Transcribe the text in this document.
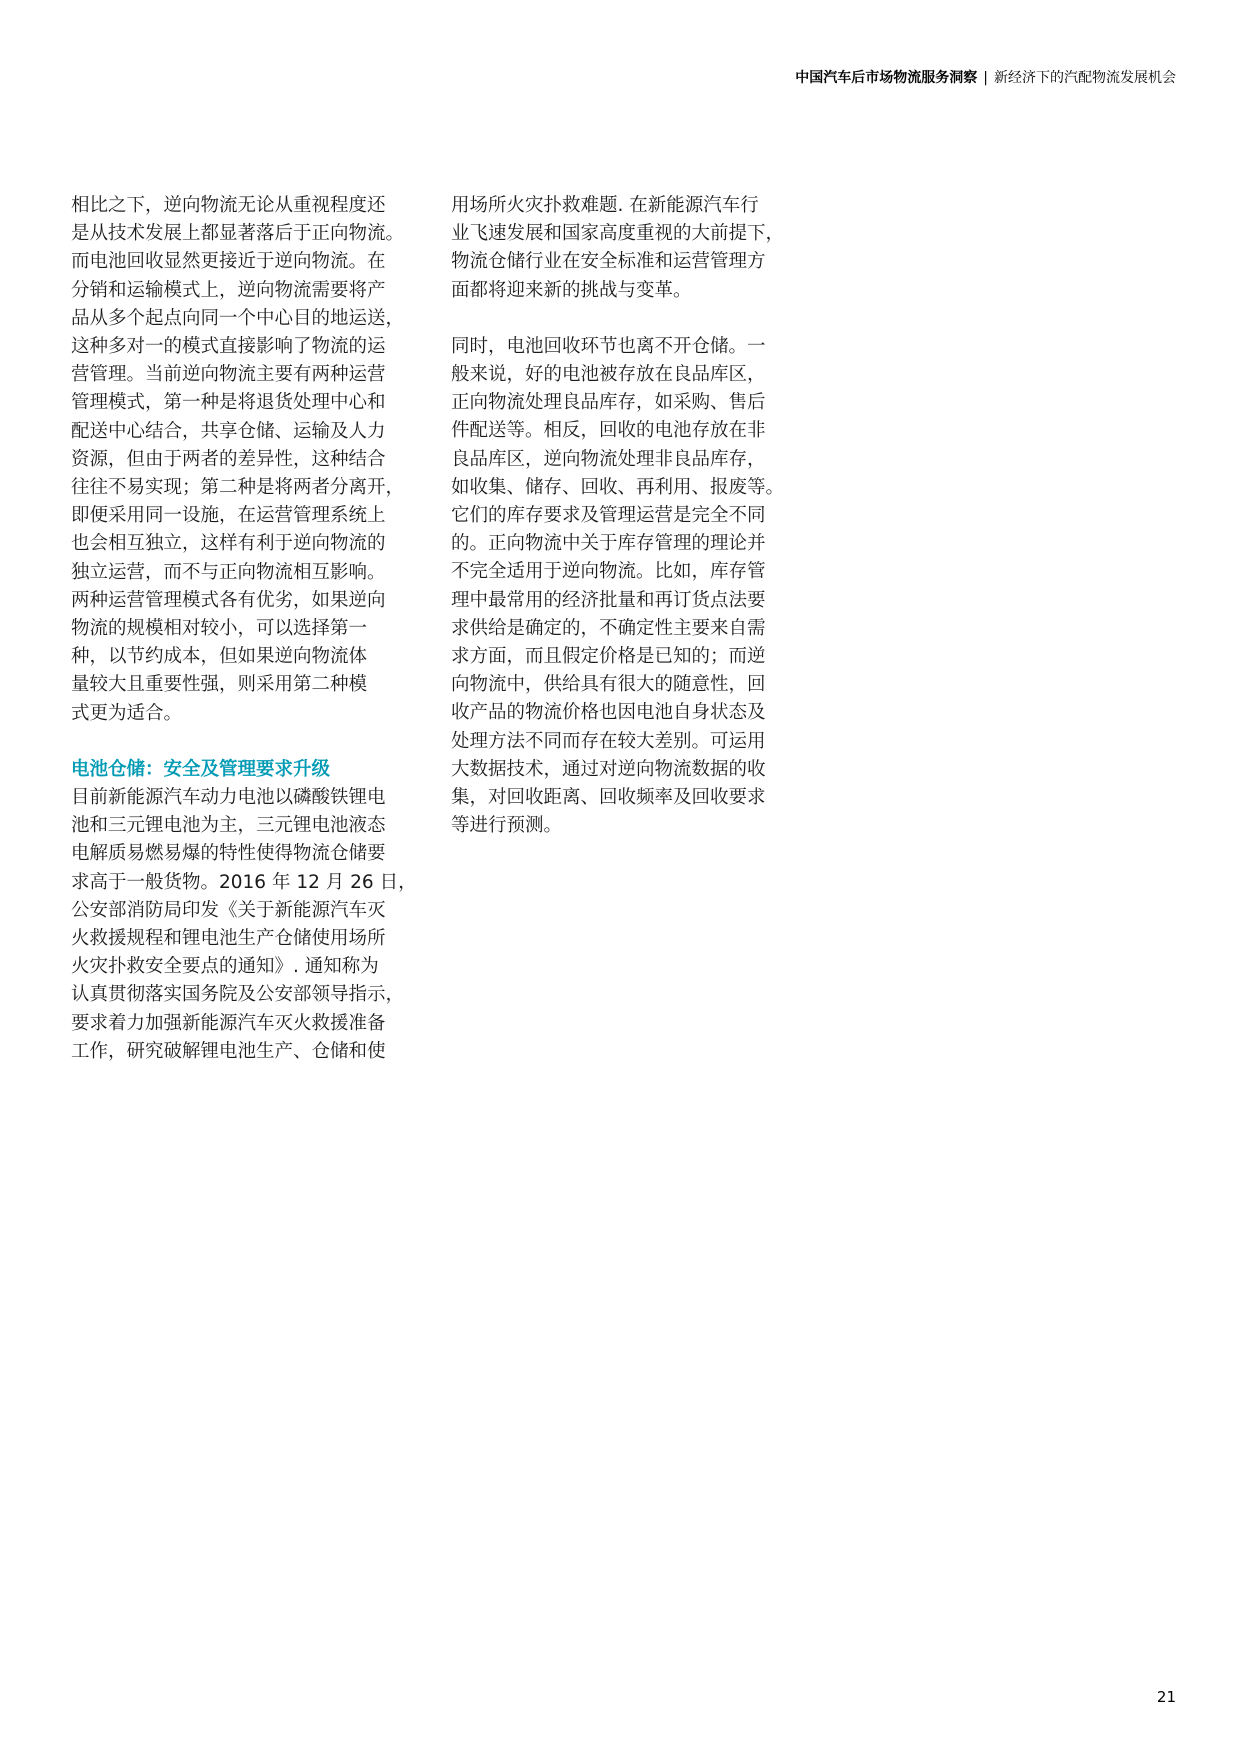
中国汽车后市场物流服务洞察 | 新经济下的汽配物流发展机会

相比之下，逆向物流无论从重视程度还
是从技术发展上都显著落后于正向物流。
而电池回收显然更接近于逆向物流。在
分销和运输模式上，逆向物流需要将产
品从多个起点向同一个中心目的地运送，
这种多对一的模式直接影响了物流的运
营管理。当前逆向物流主要有两种运营
管理模式，第一种是将退货处理中心和
配送中心结合，共享仓储、运输及人力
资源，但由于两者的差异性，这种结合
往往不易实现；第二种是将两者分离开，
即便采用同一设施，在运营管理系统上
也会相互独立，这样有利于逆向物流的
独立运营，而不与正向物流相互影响。
两种运营管理模式各有优劣，如果逆向
物流的规模相对较小，可以选择第一
种，以节约成本，但如果逆向物流体
量较大且重要性强，则采用第二种模
式更为适合。

电池仓储：安全及管理要求升级

目前新能源汽车动力电池以磷酸铁锂电
池和三元锂电池为主，三元锂电池液态
电解质易燃易爆的特性使得物流仓储要
求高于一般货物。2016 年 12 月 26 日，
公安部消防局印发《关于新能源汽车灭
火救援规程和锂电池生产仓储使用场所
火灾扑救安全要点的通知》. 通知称为
认真贯彻落实国务院及公安部领导指示，
要求着力加强新能源汽车灭火救援准备
工作，研究破解锂电池生产、仓储和使

用场所火灾扑救难题. 在新能源汽车行
业飞速发展和国家高度重视的大前提下，
物流仓储行业在安全标准和运营管理方
面都将迎来新的挑战与变革。

同时，电池回收环节也离不开仓储。一
般来说，好的电池被存放在良品库区，
正向物流处理良品库存，如采购、售后
件配送等。相反，回收的电池存放在非
良品库区，逆向物流处理非良品库存，
如收集、储存、回收、再利用、报废等。
它们的库存要求及管理运营是完全不同
的。正向物流中关于库存管理的理论并
不完全适用于逆向物流。比如，库存管
理中最常用的经济批量和再订货点法要
求供给是确定的，不确定性主要来自需
求方面，而且假定价格是已知的；而逆
向物流中，供给具有很大的随意性，回
收产品的物流价格也因电池自身状态及
处理方法不同而存在较大差别。可运用
大数据技术，通过对逆向物流数据的收
集，对回收距离、回收频率及回收要求
等进行预测。

21
